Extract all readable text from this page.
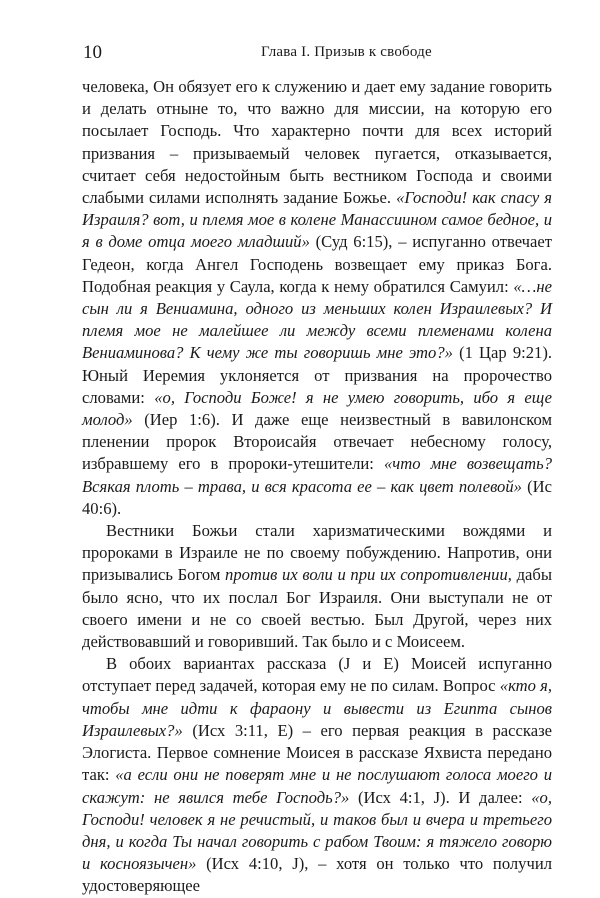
10	Глава I. Призыв к свободе

человека, Он обязует его к служению и дает ему задание говорить и делать отныне то, что важно для миссии, на которую его посылает Господь. Что характерно почти для всех историй призвания – призываемый человек пугается, отказывается, считает себя недостойным быть вестником Господа и своими слабыми силами исполнять задание Божье. «Господи! как спасу я Израиля? вот, и племя мое в колене Манассиином самое бедное, и я в доме отца моего младший» (Суд 6:15), – испуганно отвечает Гедеон, когда Ангел Господень возвещает ему приказ Бога. Подобная реакция у Саула, когда к нему обратился Самуил: «…не сын ли я Вениамина, одного из меньших колен Израилевых? И племя мое не малейшее ли между всеми племенами колена Вениаминова? К чему же ты говоришь мне это?» (1 Цар 9:21). Юный Иеремия уклоняется от призвания на пророчество словами: «о, Господи Боже! я не умею говорить, ибо я еще молод» (Иер 1:6). И даже еще неизвестный в вавилонском пленении пророк Второисайя отвечает небесному голосу, избравшему его в пророки-утешители: «что мне возвещать? Всякая плоть – трава, и вся красота ее – как цвет полевой» (Ис 40:6).

Вестники Божьи стали харизматическими вождями и пророками в Израиле не по своему побуждению. Напротив, они призывались Богом против их воли и при их сопротивлении, дабы было ясно, что их послал Бог Израиля. Они выступали не от своего имени и не со своей вестью. Был Другой, через них действовавший и говоривший. Так было и с Моисеем.

В обоих вариантах рассказа (J и E) Моисей испуганно отступает перед задачей, которая ему не по силам. Вопрос «кто я, чтобы мне идти к фараону и вывести из Египта сынов Израилевых?» (Исх 3:11, E) – его первая реакция в рассказе Элогиста. Первое сомнение Моисея в рассказе Яхвиста передано так: «а если они не поверят мне и не послушают голоса моего и скажут: не явился тебе Господь?» (Исх 4:1, J). И далее: «о, Господи! человек я не речистый, и таков был и вчера и третьего дня, и когда Ты начал говорить с рабом Твоим: я тяжело говорю и косноязычен» (Исх 4:10, J), – хотя он только что получил удостоверяющее
